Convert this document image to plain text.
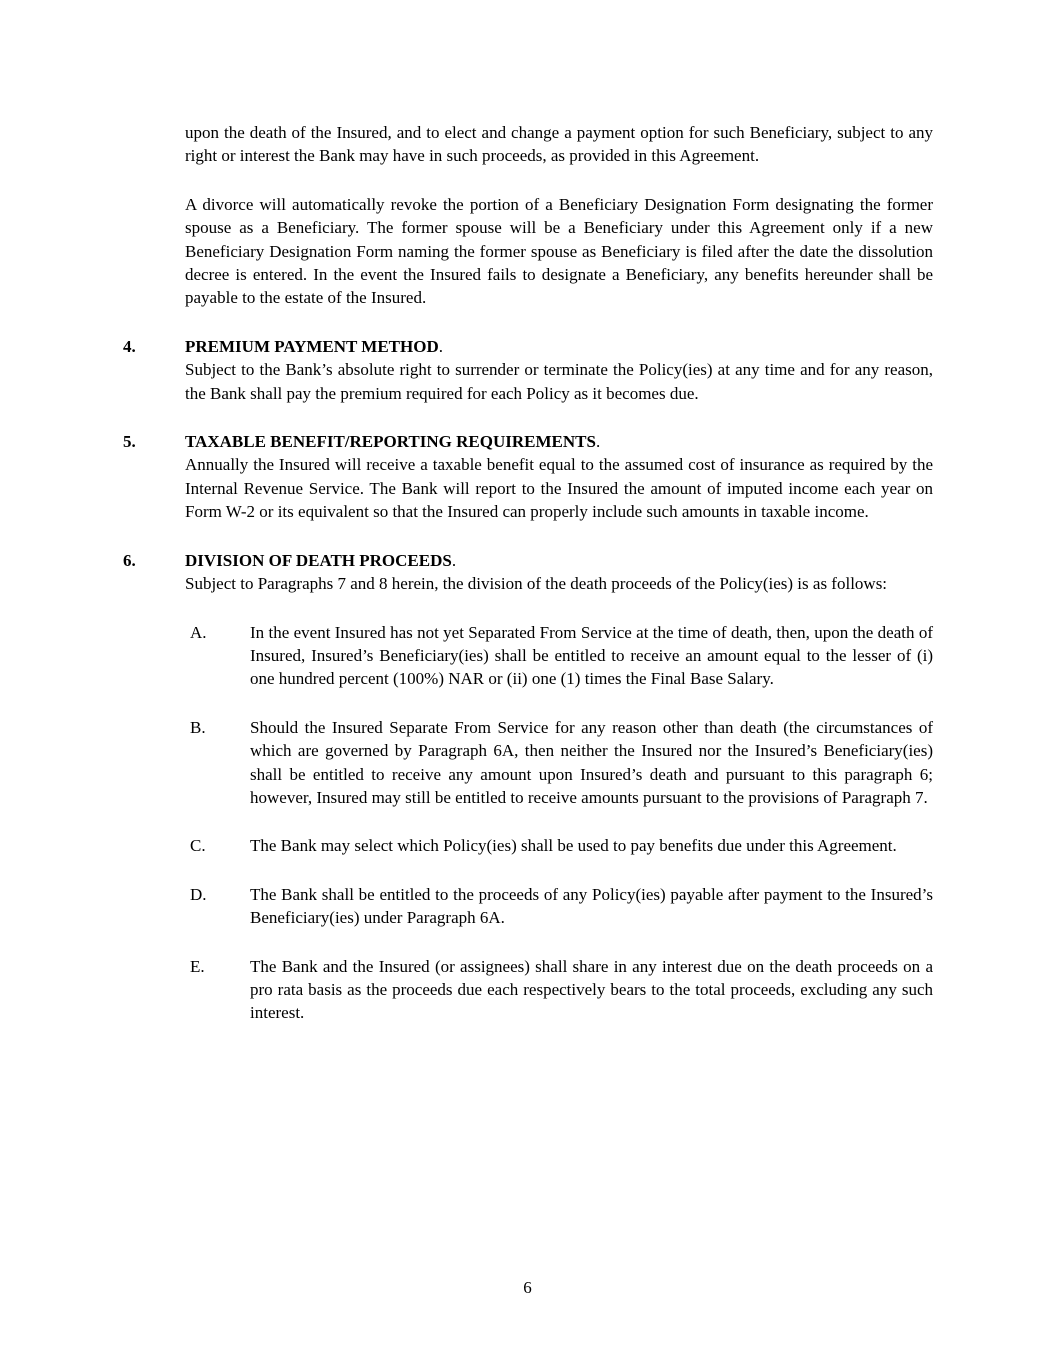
upon the death of the Insured, and to elect and change a payment option for such Beneficiary, subject to any right or interest the Bank may have in such proceeds, as provided in this Agreement.

A divorce will automatically revoke the portion of a Beneficiary Designation Form designating the former spouse as a Beneficiary. The former spouse will be a Beneficiary under this Agreement only if a new Beneficiary Designation Form naming the former spouse as Beneficiary is filed after the date the dissolution decree is entered. In the event the Insured fails to designate a Beneficiary, any benefits hereunder shall be payable to the estate of the Insured.

4.	PREMIUM PAYMENT METHOD.
Subject to the Bank’s absolute right to surrender or terminate the Policy(ies) at any time and for any reason, the Bank shall pay the premium required for each Policy as it becomes due.
5.	TAXABLE BENEFIT/REPORTING REQUIREMENTS.
Annually the Insured will receive a taxable benefit equal to the assumed cost of insurance as required by the Internal Revenue Service. The Bank will report to the Insured the amount of imputed income each year on Form W-2 or its equivalent so that the Insured can properly include such amounts in taxable income.
6.	DIVISION OF DEATH PROCEEDS.
Subject to Paragraphs 7 and 8 herein, the division of the death proceeds of the Policy(ies) is as follows:
A.	In the event Insured has not yet Separated From Service at the time of death, then, upon the death of Insured, Insured’s Beneficiary(ies) shall be entitled to receive an amount equal to the lesser of (i) one hundred percent (100%) NAR or (ii) one (1) times the Final Base Salary.
B.	Should the Insured Separate From Service for any reason other than death (the circumstances of which are governed by Paragraph 6A, then neither the Insured nor the Insured’s Beneficiary(ies) shall be entitled to receive any amount upon Insured’s death and pursuant to this paragraph 6; however, Insured may still be entitled to receive amounts pursuant to the provisions of Paragraph 7.
C.	The Bank may select which Policy(ies) shall be used to pay benefits due under this Agreement.
D.	The Bank shall be entitled to the proceeds of any Policy(ies) payable after payment to the Insured’s Beneficiary(ies) under Paragraph 6A.
E.	The Bank and the Insured (or assignees) shall share in any interest due on the death proceeds on a pro rata basis as the proceeds due each respectively bears to the total proceeds, excluding any such interest.
6
